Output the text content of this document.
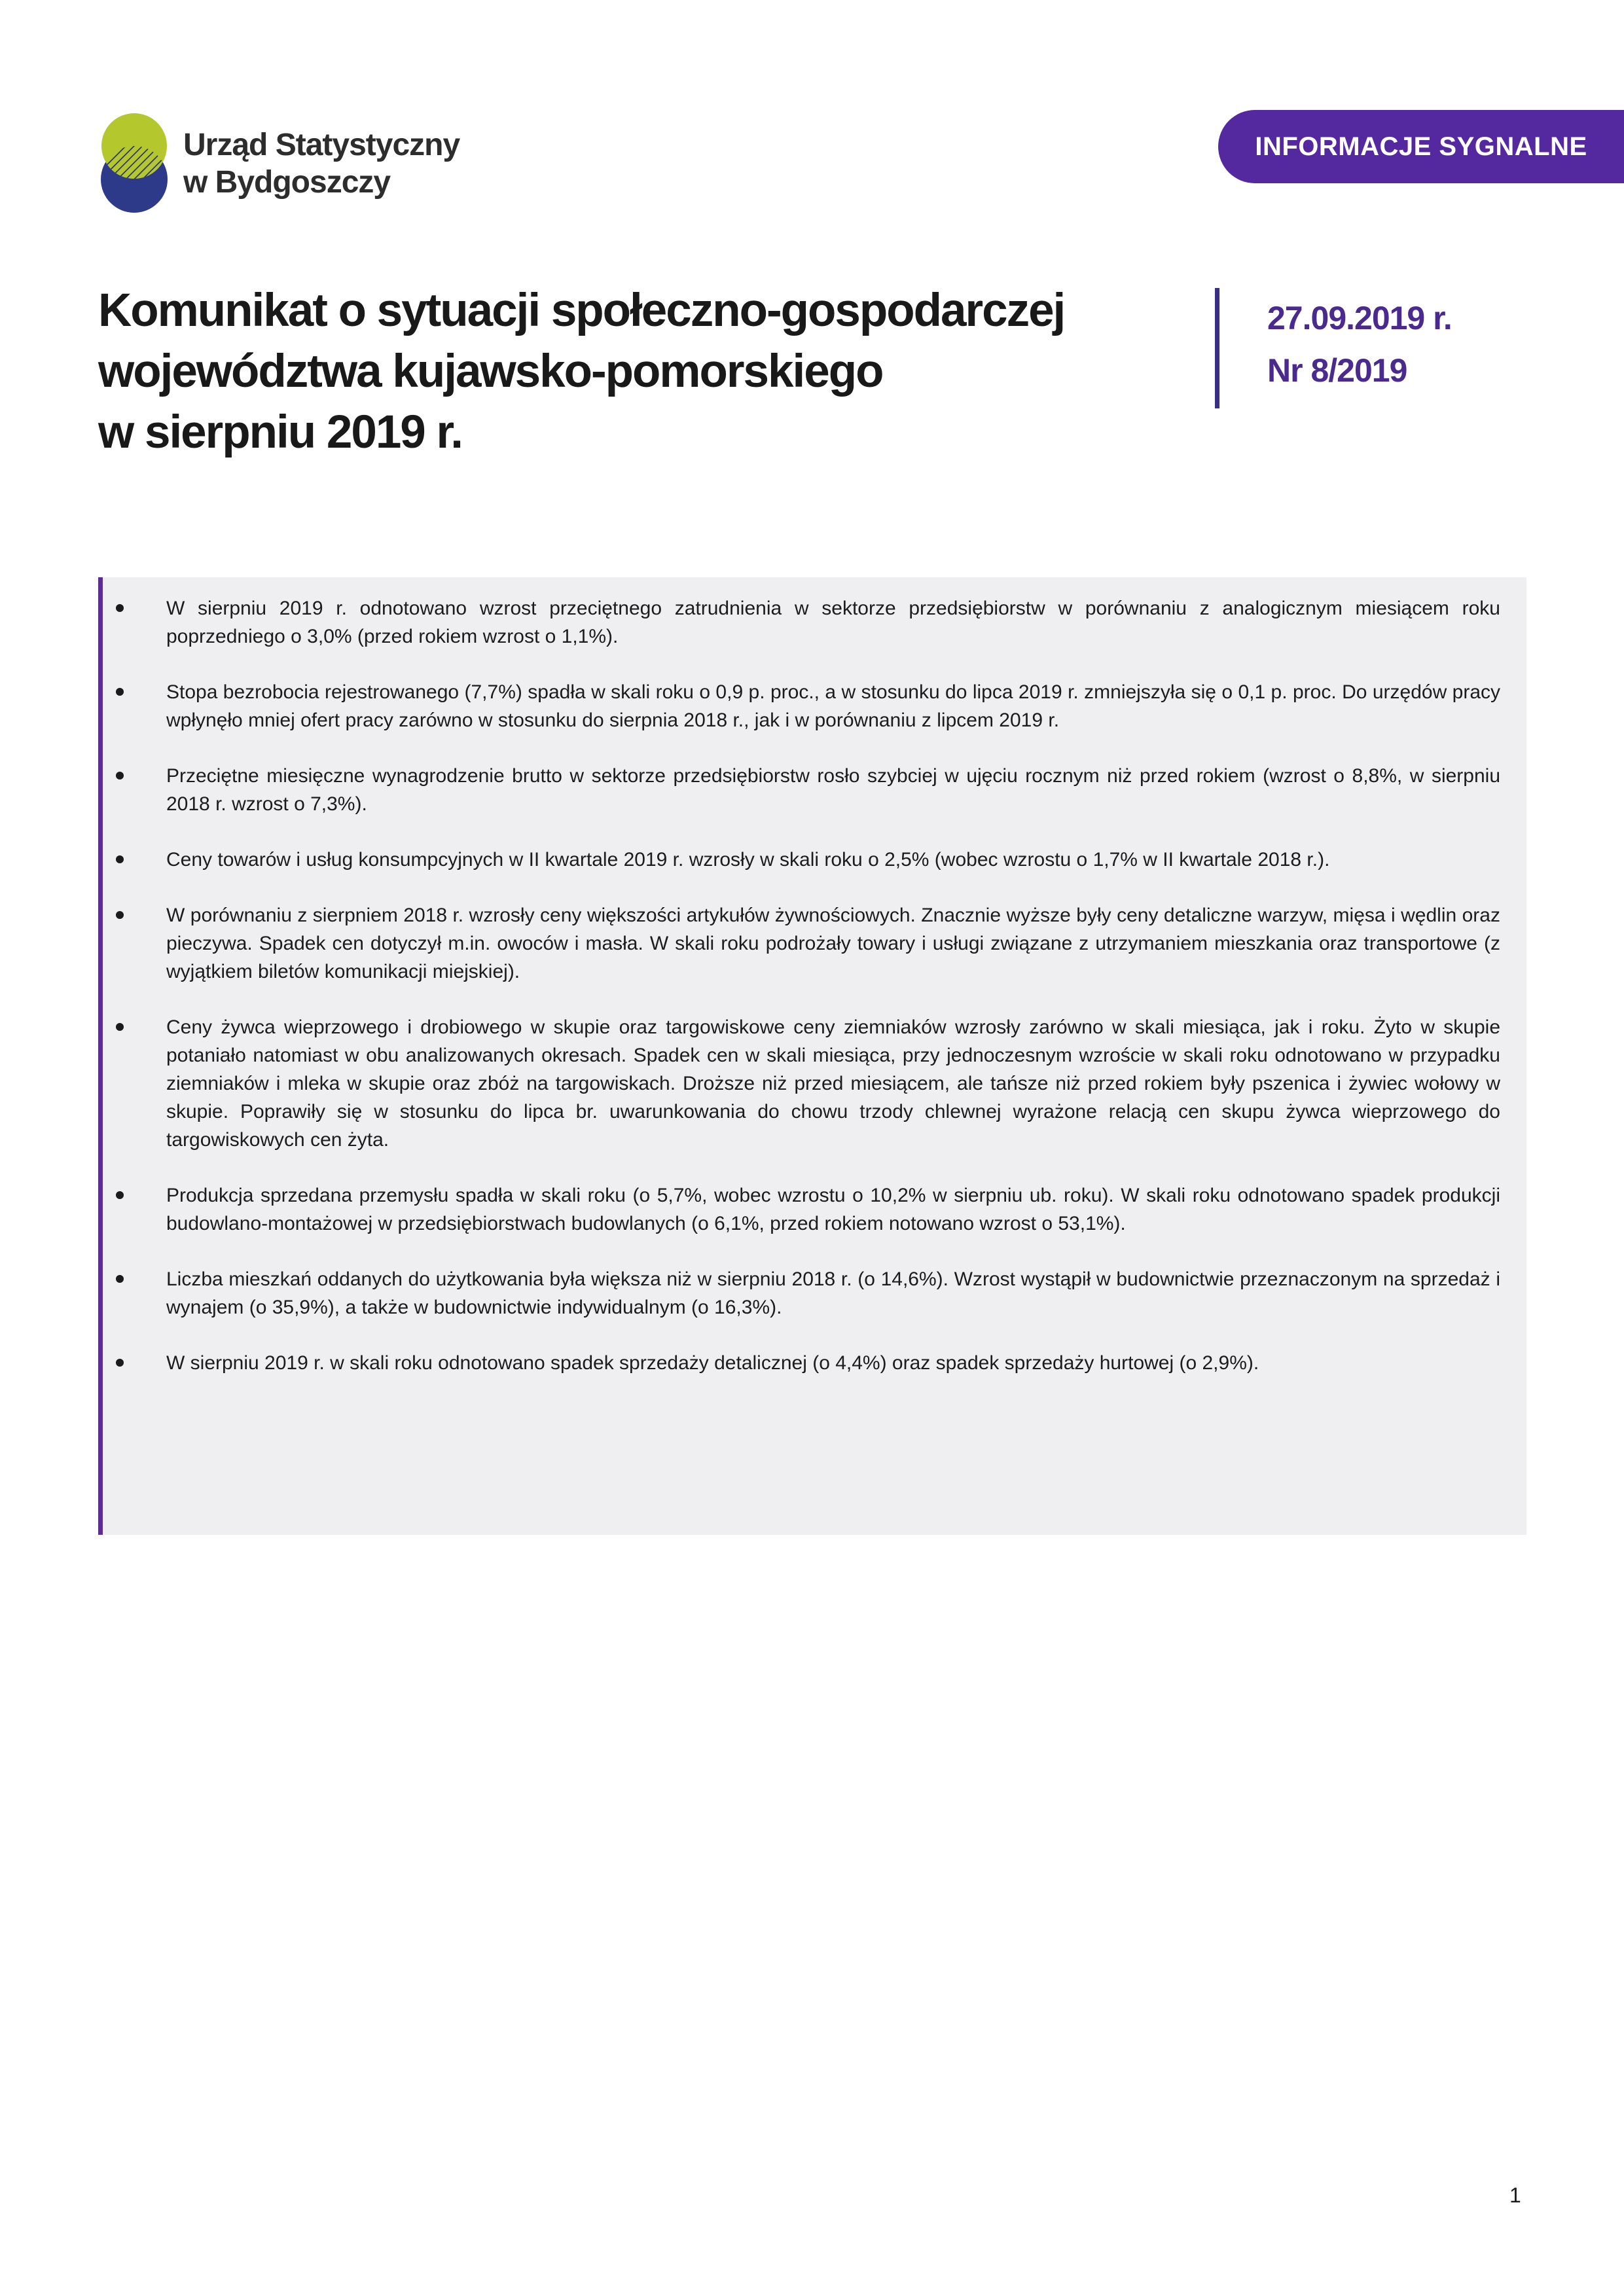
Urząd Statystyczny
w Bydgoszczy
INFORMACJE SYGNALNE
Komunikat o sytuacji społeczno-gospodarczej
województwa kujawsko-pomorskiego
w sierpniu 2019 r.
27.09.2019 r.
Nr 8/2019
W sierpniu 2019 r. odnotowano wzrost przeciętnego zatrudnienia w sektorze przedsiębiorstw w porównaniu z analogicznym miesiącem roku poprzedniego o 3,0% (przed rokiem wzrost o 1,1%).
Stopa bezrobocia rejestrowanego (7,7%) spadła w skali roku o 0,9 p. proc., a w stosunku do lipca 2019 r. zmniejszyła się o 0,1 p. proc. Do urzędów pracy wpłynęło mniej ofert pracy zarówno w stosunku do sierpnia 2018 r., jak i w porównaniu z lipcem 2019 r.
Przeciętne miesięczne wynagrodzenie brutto w sektorze przedsiębiorstw rosło szybciej w ujęciu rocznym niż przed rokiem (wzrost o 8,8%, w sierpniu 2018 r. wzrost o 7,3%).
Ceny towarów i usług konsumpcyjnych w II kwartale 2019 r. wzrosły w skali roku o 2,5% (wobec wzrostu o 1,7% w II kwartale 2018 r.).
W porównaniu z sierpniem 2018 r. wzrosły ceny większości artykułów żywnościowych. Znacznie wyższe były ceny detaliczne warzyw, mięsa i wędlin oraz pieczywa. Spadek cen dotyczył m.in. owoców i masła. W skali roku podrożały towary i usługi związane z utrzymaniem mieszkania oraz transportowe (z wyjątkiem biletów komunikacji miejskiej).
Ceny żywca wieprzowego i drobiowego w skupie oraz targowiskowe ceny ziemniaków wzrosły zarówno w skali miesiąca, jak i roku. Żyto w skupie potaniało natomiast w obu analizowanych okresach. Spadek cen w skali miesiąca, przy jednoczesnym wzroście w skali roku odnotowano w przypadku ziemniaków i mleka w skupie oraz zbóż na targowiskach. Droższe niż przed miesiącem, ale tańsze niż przed rokiem były pszenica i żywiec wołowy w skupie. Poprawiły się w stosunku do lipca br. uwarunkowania do chowu trzody chlewnej wyrażone relacją cen skupu żywca wieprzowego do targowiskowych cen żyta.
Produkcja sprzedana przemysłu spadła w skali roku (o 5,7%, wobec wzrostu o 10,2% w sierpniu ub. roku). W skali roku odnotowano spadek produkcji budowlano-montażowej w przedsiębiorstwach budowlanych (o 6,1%, przed rokiem notowano wzrost o 53,1%).
Liczba mieszkań oddanych do użytkowania była większa niż w sierpniu 2018 r. (o 14,6%). Wzrost wystąpił w budownictwie przeznaczonym na sprzedaż i wynajem (o 35,9%), a także w budownictwie indywidualnym (o 16,3%).
W sierpniu 2019 r. w skali roku odnotowano spadek sprzedaży detalicznej (o 4,4%) oraz spadek sprzedaży hurtowej (o 2,9%).
1
